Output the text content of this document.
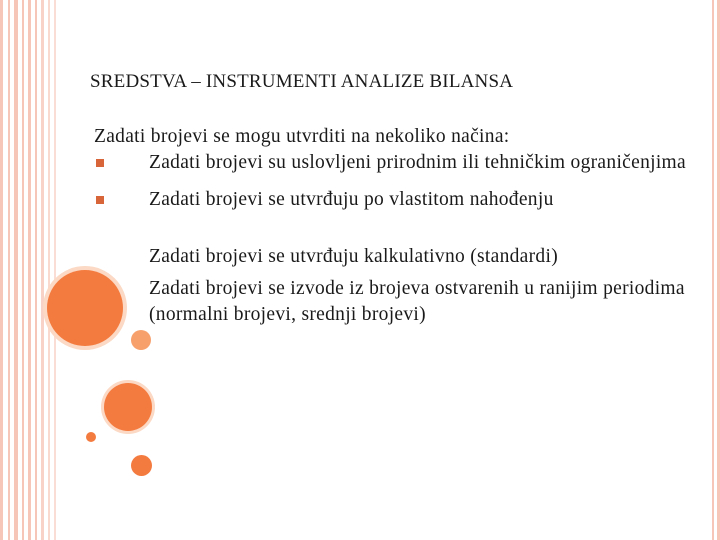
SREDSTVA – INSTRUMENTI ANALIZE BILANSA

Zadati brojevi se mogu utvrditi na nekoliko načina:

Zadati brojevi su uslovljeni prirodnim ili tehničkim ograničenjima
Zadati brojevi se utvrđuju po vlastitom nahođenju
Zadati brojevi se utvrđuju kalkulativno (standardi)
Zadati brojevi se izvode iz brojeva ostvarenih u ranijim periodima (normalni brojevi, srednji brojevi)
